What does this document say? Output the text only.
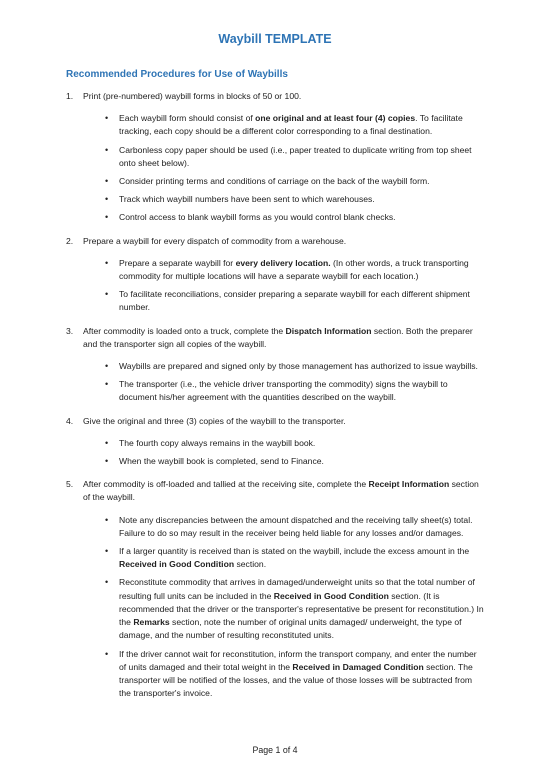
Waybill TEMPLATE
Recommended Procedures for Use of Waybills
1. Print (pre-numbered) waybill forms in blocks of 50 or 100.
• Each waybill form should consist of one original and at least four (4) copies. To facilitate tracking, each copy should be a different color corresponding to a final destination.
• Carbonless copy paper should be used (i.e., paper treated to duplicate writing from top sheet onto sheet below).
• Consider printing terms and conditions of carriage on the back of the waybill form.
• Track which waybill numbers have been sent to which warehouses.
• Control access to blank waybill forms as you would control blank checks.
2. Prepare a waybill for every dispatch of commodity from a warehouse.
• Prepare a separate waybill for every delivery location. (In other words, a truck transporting commodity for multiple locations will have a separate waybill for each location.)
• To facilitate reconciliations, consider preparing a separate waybill for each different shipment number.
3. After commodity is loaded onto a truck, complete the Dispatch Information section. Both the preparer and the transporter sign all copies of the waybill.
• Waybills are prepared and signed only by those management has authorized to issue waybills.
• The transporter (i.e., the vehicle driver transporting the commodity) signs the waybill to document his/her agreement with the quantities described on the waybill.
4. Give the original and three (3) copies of the waybill to the transporter.
• The fourth copy always remains in the waybill book.
• When the waybill book is completed, send to Finance.
5. After commodity is off-loaded and tallied at the receiving site, complete the Receipt Information section of the waybill.
• Note any discrepancies between the amount dispatched and the receiving tally sheet(s) total. Failure to do so may result in the receiver being held liable for any losses and/or damages.
• If a larger quantity is received than is stated on the waybill, include the excess amount in the Received in Good Condition section.
• Reconstitute commodity that arrives in damaged/underweight units so that the total number of resulting full units can be included in the Received in Good Condition section. (It is recommended that the driver or the transporter's representative be present for reconstitution.) In the Remarks section, note the number of original units damaged/ underweight, the type of damage, and the number of resulting reconstituted units.
• If the driver cannot wait for reconstitution, inform the transport company, and enter the number of units damaged and their total weight in the Received in Damaged Condition section. The transporter will be notified of the losses, and the value of those losses will be subtracted from the transporter's invoice.
Page 1 of 4
